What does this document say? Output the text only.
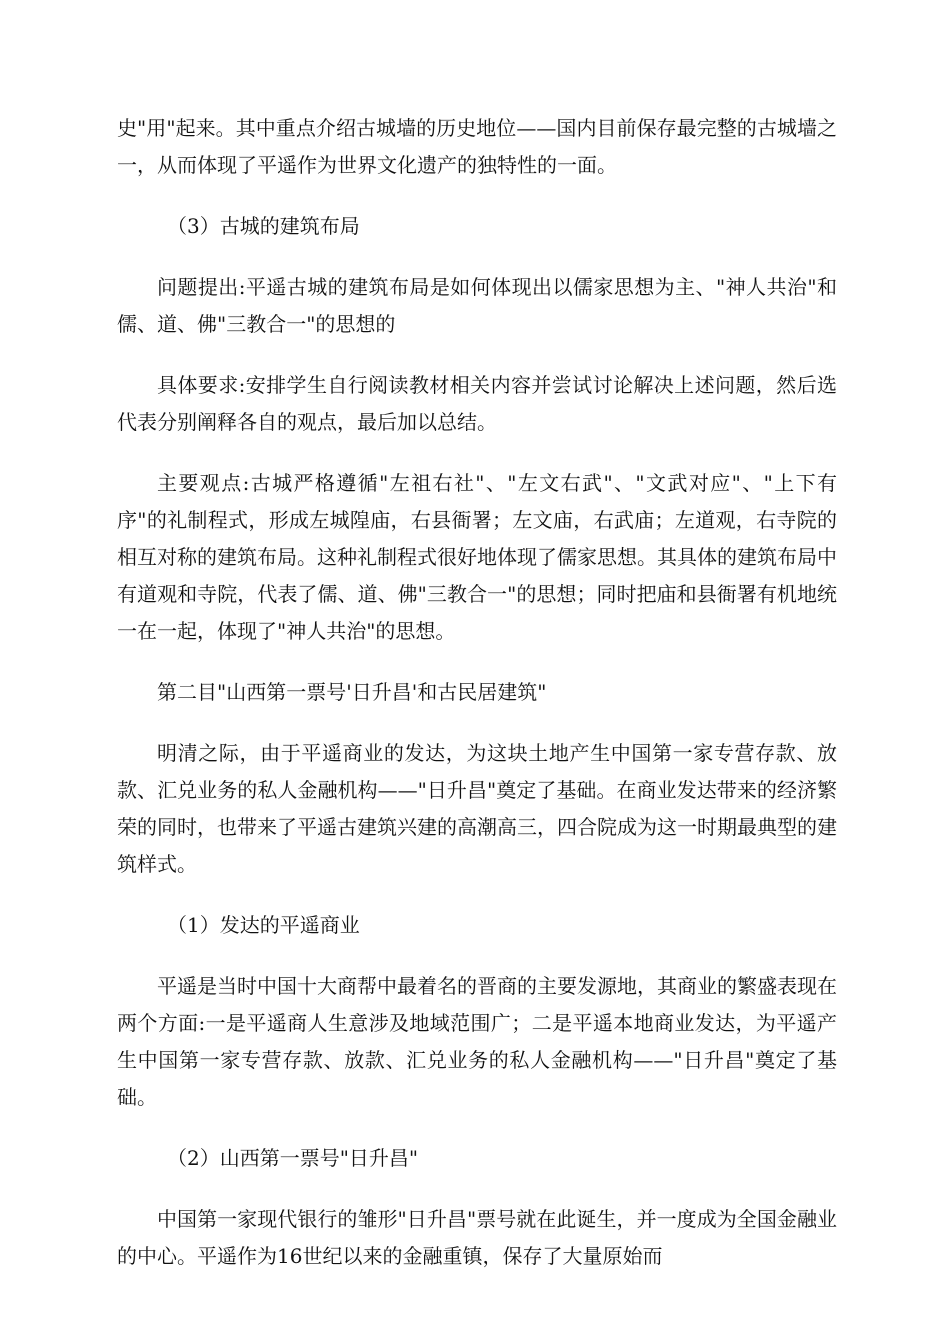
史"用"起来。其中重点介绍古城墙的历史地位——国内目前保存最完整的古城墙之一，从而体现了平遥作为世界文化遗产的独特性的一面。

（3）古城的建筑布局

问题提出:平遥古城的建筑布局是如何体现出以儒家思想为主、"神人共治"和儒、道、佛"三教合一"的思想的

具体要求:安排学生自行阅读教材相关内容并尝试讨论解决上述问题，然后选代表分别阐释各自的观点，最后加以总结。

主要观点:古城严格遵循"左祖右社"、"左文右武"、"文武对应"、"上下有序"的礼制程式，形成左城隍庙，右县衙署；左文庙，右武庙；左道观，右寺院的相互对称的建筑布局。这种礼制程式很好地体现了儒家思想。其具体的建筑布局中有道观和寺院，代表了儒、道、佛"三教合一"的思想；同时把庙和县衙署有机地统一在一起，体现了"神人共治"的思想。

第二目"山西第一票号'日升昌'和古民居建筑"

明清之际，由于平遥商业的发达，为这块土地产生中国第一家专营存款、放款、汇兑业务的私人金融机构——"日升昌"奠定了基础。在商业发达带来的经济繁荣的同时，也带来了平遥古建筑兴建的高潮高三，四合院成为这一时期最典型的建筑样式。

（1）发达的平遥商业

平遥是当时中国十大商帮中最着名的晋商的主要发源地，其商业的繁盛表现在两个方面:一是平遥商人生意涉及地域范围广；二是平遥本地商业发达，为平遥产生中国第一家专营存款、放款、汇兑业务的私人金融机构——"日升昌"奠定了基础。

（2）山西第一票号"日升昌"

中国第一家现代银行的雏形"日升昌"票号就在此诞生，并一度成为全国金融业的中心。平遥作为16世纪以来的金融重镇，保存了大量原始而
